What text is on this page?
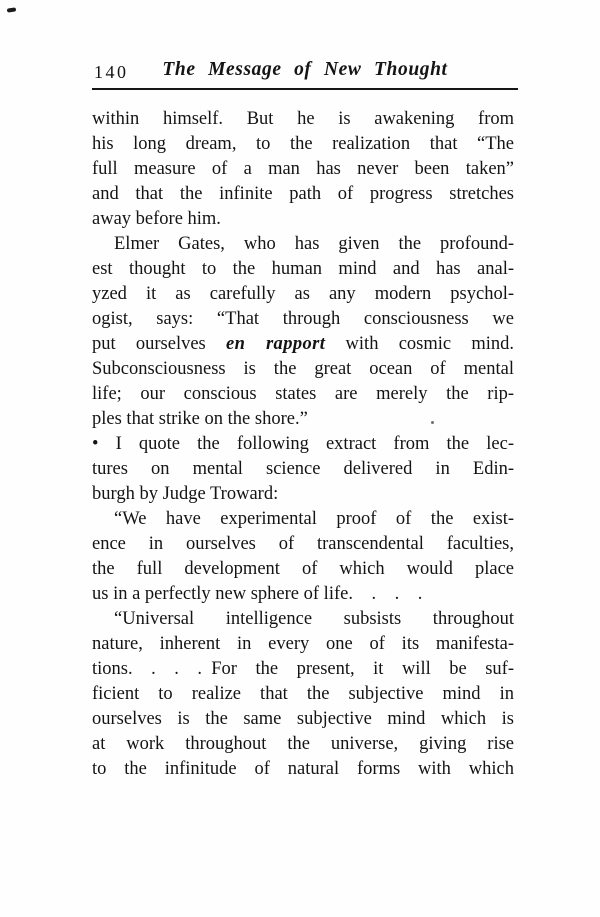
140	The Message of New Thought
within himself. But he is awakening from
his long dream, to the realization that “The
full measure of a man has never been taken”
and that the infinite path of progress stretches
away before him.
Elmer Gates, who has given the profound-
est thought to the human mind and has anal-
yzed it as carefully as any modern psychol-
ogist, says: “That through consciousness we
put ourselves en rapport with cosmic mind.
Subconsciousness is the great ocean of mental
life; our conscious states are merely the rip-
ples that strike on the shore.”
• I quote the following extract from the lec-
tures on mental science delivered in Edin-
burgh by Judge Troward:
“We have experimental proof of the exist-
ence in ourselves of transcendental faculties,
the full development of which would place
us in a perfectly new sphere of life. . . .
“Universal intelligence subsists throughout
nature, inherent in every one of its manifesta-
tions. . . . For the present, it will be suf-
ficient to realize that the subjective mind in
ourselves is the same subjective mind which is
at work throughout the universe, giving rise
to the infinitude of natural forms with which
